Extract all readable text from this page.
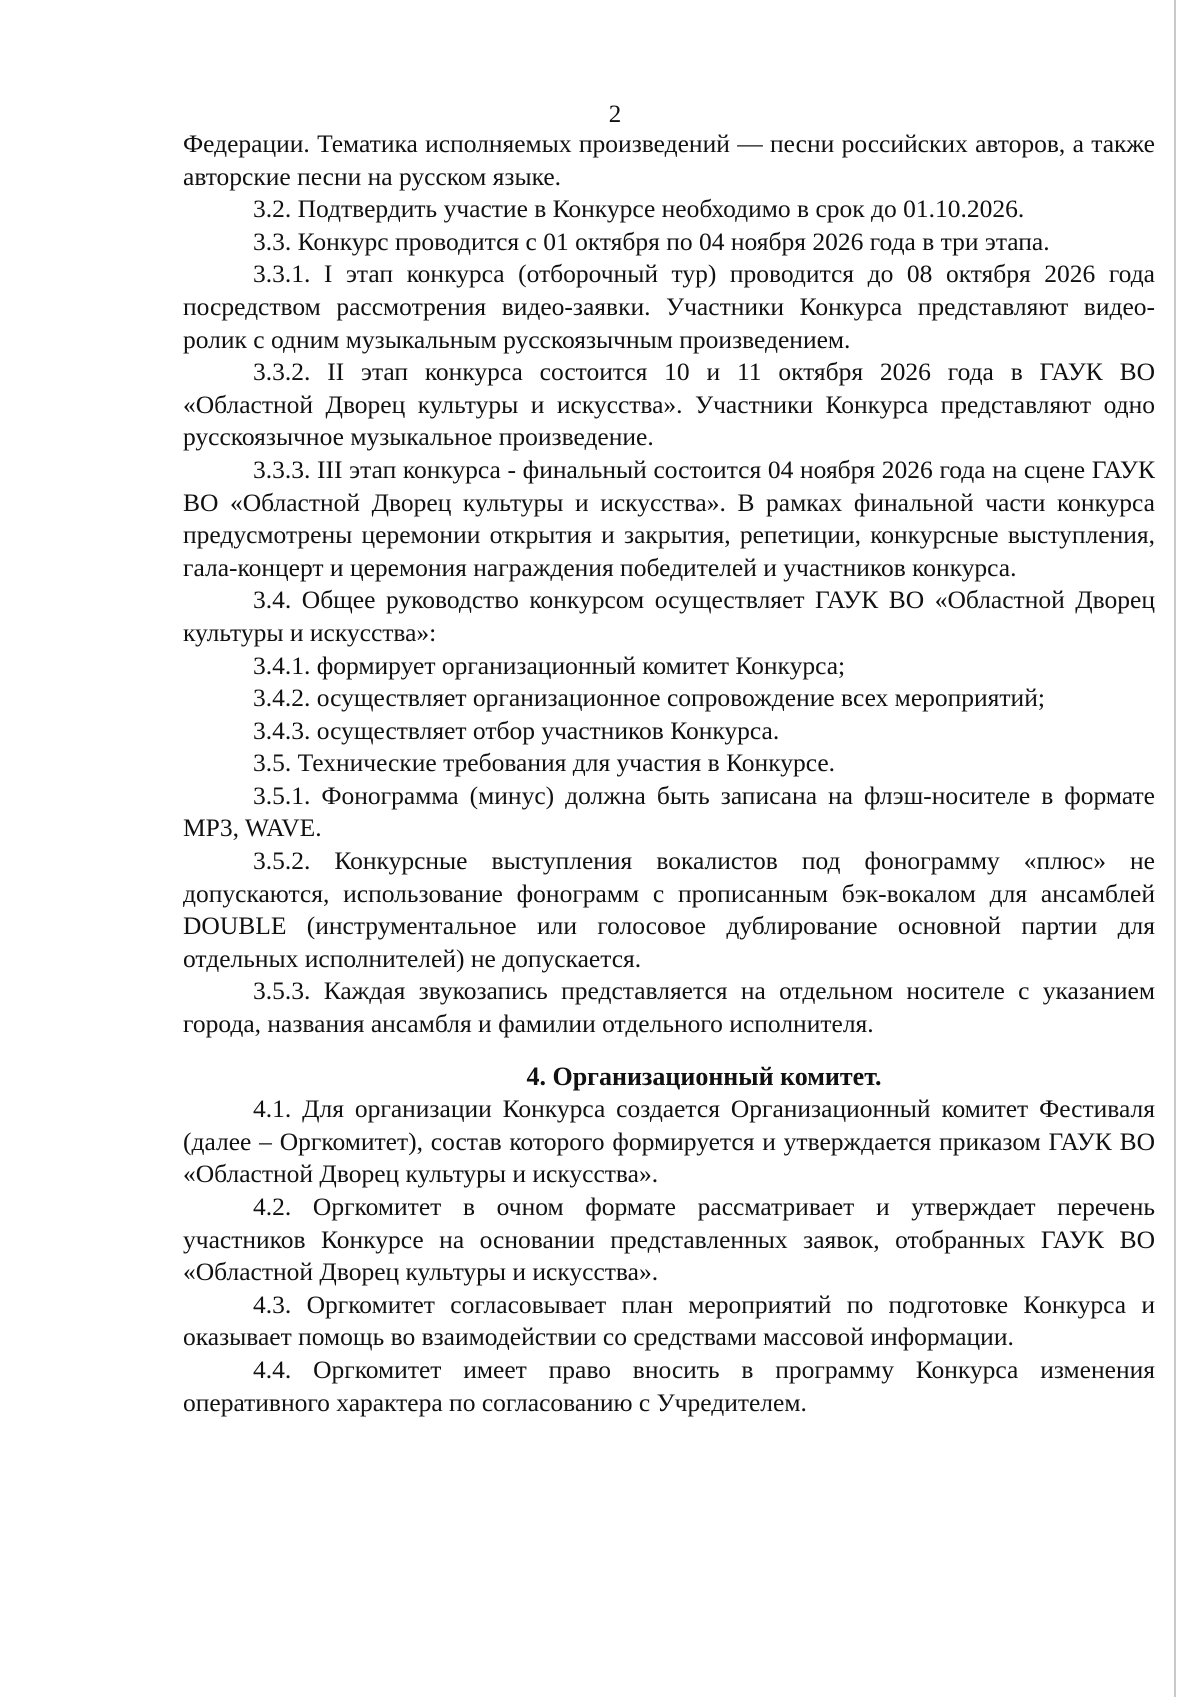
2

Федерации. Тематика исполняемых произведений — песни российских авторов, а также авторские песни на русском языке.

3.2. Подтвердить участие в Конкурсе необходимо в срок до 01.10.2026.

3.3. Конкурс проводится с 01 октября по 04 ноября 2026 года в три этапа.

3.3.1. I этап конкурса (отборочный тур) проводится до 08 октября 2026 года посредством рассмотрения видео-заявки. Участники Конкурса представляют видео-ролик с одним музыкальным русскоязычным произведением.

3.3.2. II этап конкурса состоится 10 и 11 октября 2026 года в ГАУК ВО «Областной Дворец культуры и искусства». Участники Конкурса представляют одно русскоязычное музыкальное произведение.

3.3.3. III этап конкурса - финальный состоится 04 ноября 2026 года на сцене ГАУК ВО «Областной Дворец культуры и искусства». В рамках финальной части конкурса предусмотрены церемонии открытия и закрытия, репетиции, конкурсные выступления, гала-концерт и церемония награждения победителей и участников конкурса.

3.4. Общее руководство конкурсом осуществляет ГАУК ВО «Областной Дворец культуры и искусства»:

3.4.1. формирует организационный комитет Конкурса;

3.4.2. осуществляет организационное сопровождение всех мероприятий;

3.4.3. осуществляет отбор участников Конкурса.

3.5. Технические требования для участия в Конкурсе.

3.5.1. Фонограмма (минус) должна быть записана на флэш-носителе в формате MP3, WAVE.

3.5.2. Конкурсные выступления вокалистов под фонограмму «плюс» не допускаются, использование фонограмм с прописанным бэк-вокалом для ансамблей DOUBLE (инструментальное или голосовое дублирование основной партии для отдельных исполнителей) не допускается.

3.5.3. Каждая звукозапись представляется на отдельном носителе с указанием города, названия ансамбля и фамилии отдельного исполнителя.

4. Организационный комитет.

4.1. Для организации Конкурса создается Организационный комитет Фестиваля (далее – Оргкомитет), состав которого формируется и утверждается приказом ГАУК ВО «Областной Дворец культуры и искусства».

4.2. Оргкомитет в очном формате рассматривает и утверждает перечень участников Конкурсе на основании представленных заявок, отобранных ГАУК ВО «Областной Дворец культуры и искусства».

4.3. Оргкомитет согласовывает план мероприятий по подготовке Конкурса и оказывает помощь во взаимодействии со средствами массовой информации.

4.4. Оргкомитет имеет право вносить в программу Конкурса изменения оперативного характера по согласованию с Учредителем.
